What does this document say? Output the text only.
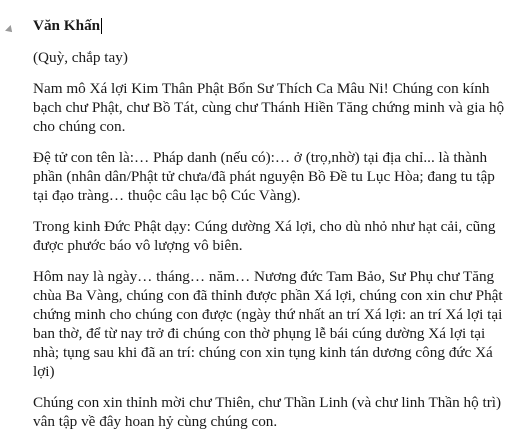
Văn Khấn

(Quỳ, chắp tay)

Nam mô Xá lợi Kim Thân Phật Bổn Sư Thích Ca Mâu Ni! Chúng con kính bạch chư Phật, chư Bồ Tát, cùng chư Thánh Hiền Tăng chứng minh và gia hộ cho chúng con.

Đệ tử con tên là:… Pháp danh (nếu có):… ở (trọ,nhờ) tại địa chỉ... là thành phần (nhân dân/Phật tử chưa/đã phát nguyện Bồ Đề tu Lục Hòa; đang tu tập tại đạo tràng… thuộc câu lạc bộ Cúc Vàng).

Trong kinh Đức Phật dạy: Cúng dường Xá lợi, cho dù nhỏ như hạt cải, cũng được phước báo vô lượng vô biên.

Hôm nay là ngày… tháng… năm… Nương đức Tam Bảo, Sư Phụ chư Tăng chùa Ba Vàng, chúng con đã thỉnh được phần Xá lợi, chúng con xin chư Phật chứng minh cho chúng con được (ngày thứ nhất an trí Xá lợi: an trí Xá lợi tại ban thờ, để từ nay trở đi chúng con thờ phụng lễ bái cúng dường Xá lợi tại nhà; tụng sau khi đã an trí: chúng con xin tụng kinh tán dương công đức Xá lợi)

Chúng con xin thỉnh mời chư Thiên, chư Thần Linh (và chư linh Thần hộ trì) vân tập về đây hoan hỷ cùng chúng con.
